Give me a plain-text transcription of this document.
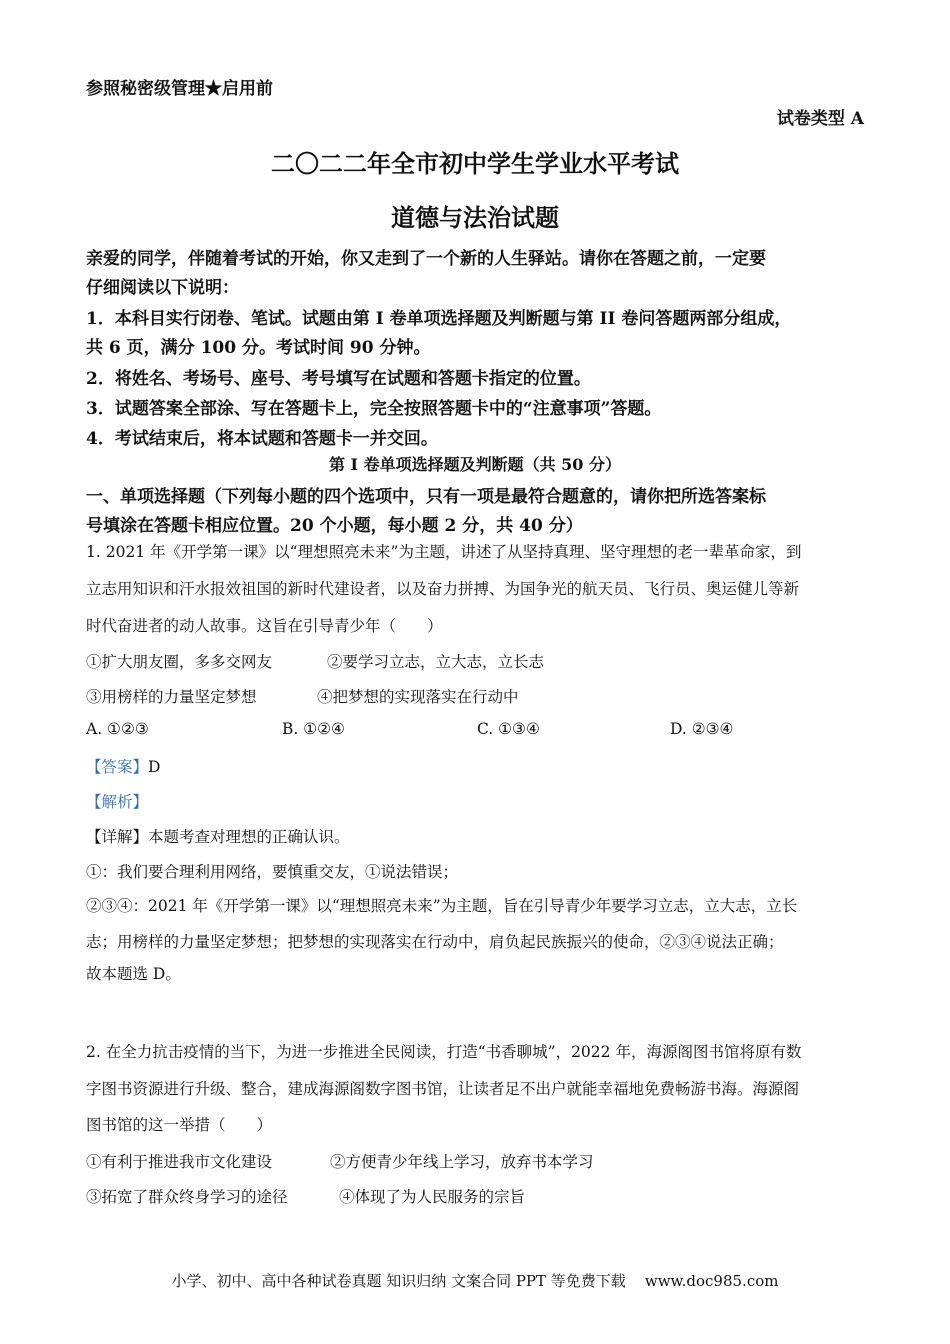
参照秘密级管理★启用前
试卷类型 A
二〇二二年全市初中学生学业水平考试
道德与法治试题
亲爱的同学，伴随着考试的开始，你又走到了一个新的人生驿站。请你在答题之前，一定要
仔细阅读以下说明：
1．本科目实行闭卷、笔试。试题由第 I 卷单项选择题及判断题与第 II 卷问答题两部分组成，
共 6 页，满分 100 分。考试时间 90 分钟。
2．将姓名、考场号、座号、考号填写在试题和答题卡指定的位置。
3．试题答案全部涂、写在答题卡上，完全按照答题卡中的“注意事项”答题。
4．考试结束后，将本试题和答题卡一并交回。
第 I 卷单项选择题及判断题（共 50 分）
一、单项选择题（下列每小题的四个选项中，只有一项是最符合题意的，请你把所选答案标
号填涂在答题卡相应位置。20 个小题，每小题 2 分，共 40 分）
1. 2021 年《开学第一课》以“理想照亮未来”为主题，讲述了从坚持真理、坚守理想的老一辈革命家，到
立志用知识和汗水报效祖国的新时代建设者，以及奋力拼搏、为国争光的航天员、飞行员、奥运健儿等新
时代奋进者的动人故事。这旨在引导青少年（　　）
①扩大朋友圈，多多交网友	②要学习立志，立大志，立长志
③用榜样的力量坚定梦想	④把梦想的实现落实在行动中
A. ①②③	B. ①②④	C. ①③④	D. ②③④
【答案】D
【解析】
【详解】本题考查对理想的正确认识。
①：我们要合理利用网络，要慎重交友，①说法错误；
②③④：2021 年《开学第一课》以“理想照亮未来”为主题，旨在引导青少年要学习立志，立大志，立长
志；用榜样的力量坚定梦想；把梦想的实现落实在行动中，肩负起民族振兴的使命，②③④说法正确；
故本题选 D。
2. 在全力抗击疫情的当下，为进一步推进全民阅读，打造“书香聊城”，2022 年，海源阁图书馆将原有数
字图书资源进行升级、整合，建成海源阁数字图书馆，让读者足不出户就能幸福地免费畅游书海。海源阁
图书馆的这一举措（　　）
①有利于推进我市文化建设	②方便青少年线上学习，放弃书本学习
③拓宽了群众终身学习的途径	④体现了为人民服务的宗旨
小学、初中、高中各种试卷真题 知识归纳 文案合同 PPT 等免费下载 www.doc985.com
